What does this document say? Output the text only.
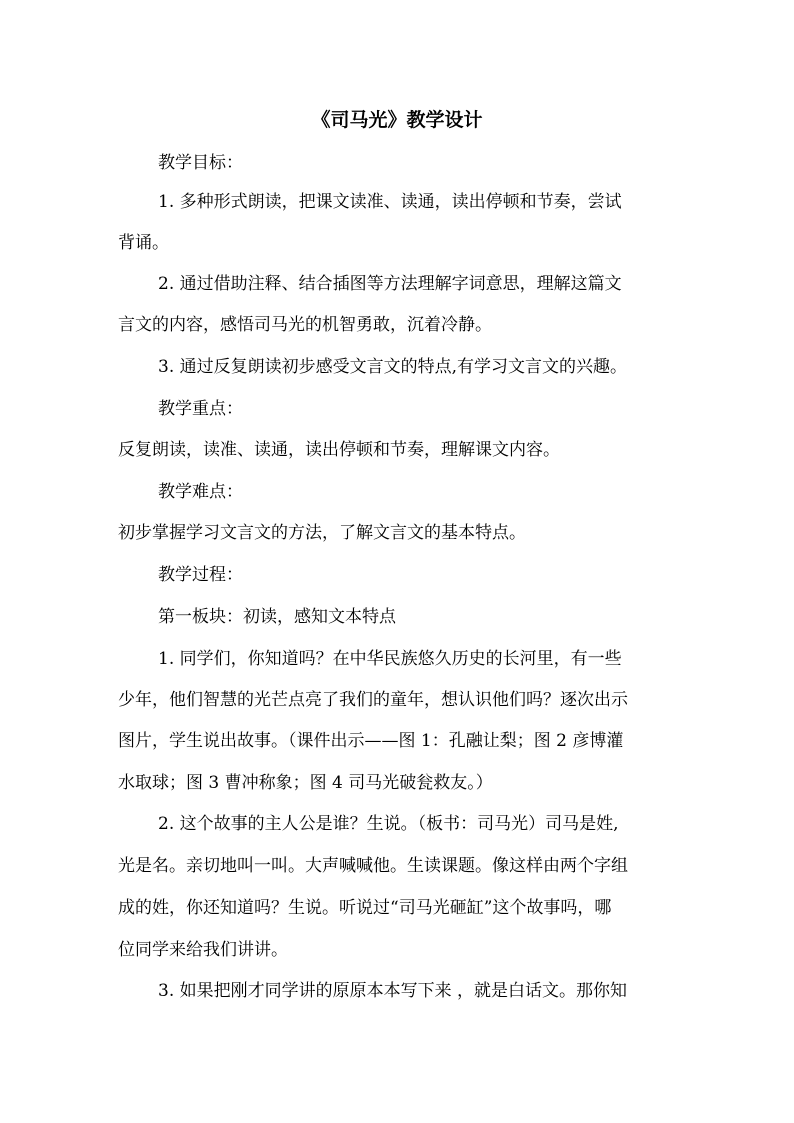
《司马光》教学设计
教学目标：
1. 多种形式朗读，把课文读准、读通，读出停顿和节奏，尝试
背诵。
2. 通过借助注释、结合插图等方法理解字词意思，理解这篇文
言文的内容，感悟司马光的机智勇敢，沉着冷静。
3. 通过反复朗读初步感受文言文的特点,有学习文言文的兴趣。
教学重点：
反复朗读，读准、读通，读出停顿和节奏，理解课文内容。
教学难点：
初步掌握学习文言文的方法，了解文言文的基本特点。
教学过程：
第一板块：初读，感知文本特点
1. 同学们，你知道吗？在中华民族悠久历史的长河里，有一些
少年，他们智慧的光芒点亮了我们的童年，想认识他们吗？逐次出示
图片，学生说出故事。（课件出示——图 1：孔融让梨；图 2 彦博灌
水取球；图 3 曹冲称象；图 4 司马光破瓮救友。）
2. 这个故事的主人公是谁？生说。（板书：司马光）司马是姓,
光是名。亲切地叫一叫。大声喊喊他。生读课题。像这样由两个字组
成的姓，你还知道吗？生说。听说过“司马光砸缸”这个故事吗，哪
位同学来给我们讲讲。
3. 如果把刚才同学讲的原原本本写下来 ，就是白话文。那你知
